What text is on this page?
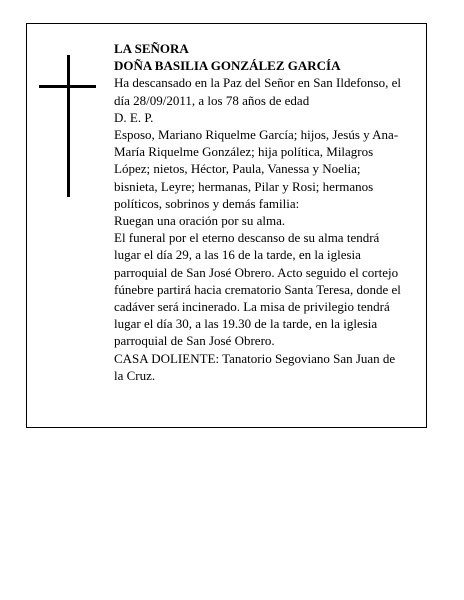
LA SEÑORA
DOÑA BASILIA GONZÁLEZ GARCÍA
Ha descansado en la Paz del Señor en San Ildefonso, el
día 28/09/2011, a los 78 años de edad
D. E. P.
Esposo, Mariano Riquelme García; hijos, Jesús y Ana-
María Riquelme González; hija política, Milagros
López; nietos, Héctor, Paula, Vanessa y Noelia;
bisnieta, Leyre; hermanas, Pilar y Rosi; hermanos
políticos, sobrinos y demás familia:
Ruegan una oración por su alma.
El funeral por el eterno descanso de su alma tendrá
lugar el día 29, a las 16 de la tarde, en la iglesia
parroquial de San José Obrero. Acto seguido el cortejo
fúnebre partirá hacia crematorio Santa Teresa, donde el
cadáver será incinerado. La misa de privilegio tendrá
lugar el día 30, a las 19.30 de la tarde, en la iglesia
parroquial de San José Obrero.
CASA DOLIENTE: Tanatorio Segoviano San Juan de
la Cruz.
